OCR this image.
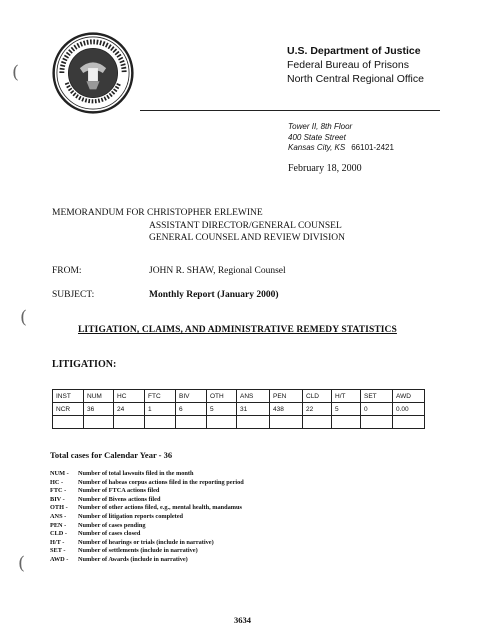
(
(
(
U.S. Department of Justice
Federal Bureau of Prisons
North Central Regional Office
Tower II, 8th Floor
400 State Street
Kansas City, KS 66101-2421
February 18, 2000
MEMORANDUM FOR CHRISTOPHER ERLEWINE
ASSISTANT DIRECTOR/GENERAL COUNSEL
GENERAL COUNSEL AND REVIEW DIVISION
FROM:	JOHN R. SHAW, Regional Counsel
SUBJECT:	Monthly Report (January 2000)
LITIGATION, CLAIMS, AND ADMINISTRATIVE REMEDY STATISTICS
LITIGATION:
INST	NUM	HC	FTC	BIV	OTH	ANS	PEN	CLD	H/T	SET	AWD
NCR	36	24	1	6	5	31	438	22	5	0	0.00

Total cases for Calendar Year - 36
NUM - Number of total lawsuits filed in the month
HC - Number of habeas corpus actions filed in the reporting period
FTC - Number of FTCA actions filed
BIV - Number of Bivens actions filed
OTH - Number of other actions filed, e.g., mental health, mandamus
ANS - Number of litigation reports completed
PEN - Number of cases pending
CLD - Number of cases closed
H/T - Number of hearings or trials (include in narrative)
SET - Number of settlements (include in narrative)
AWD - Number of Awards (include in narrative)
3634
